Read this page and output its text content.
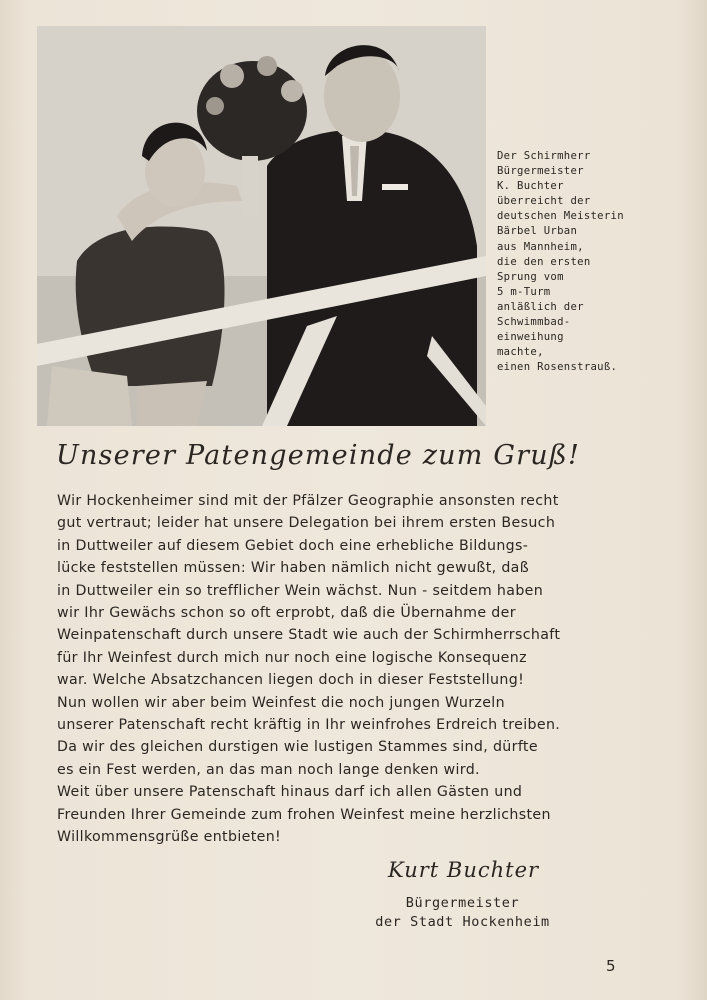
Der Schirmherr
Bürgermeister
K. Buchter
überreicht der
deutschen Meisterin
Bärbel Urban
aus Mannheim,
die den ersten
Sprung vom
5 m-Turm
anläßlich der
Schwimmbad-
einweihung
machte,
einen Rosenstrauß.
Unserer Patengemeinde zum Gruß!
Wir Hockenheimer sind mit der Pfälzer Geographie ansonsten recht
gut vertraut; leider hat unsere Delegation bei ihrem ersten Besuch
in Duttweiler auf diesem Gebiet doch eine erhebliche Bildungs-
lücke feststellen müssen: Wir haben nämlich nicht gewußt, daß
in Duttweiler ein so trefflicher Wein wächst. Nun - seitdem haben
wir Ihr Gewächs schon so oft erprobt, daß die Übernahme der
Weinpatenschaft durch unsere Stadt wie auch der Schirmherrschaft
für Ihr Weinfest durch mich nur noch eine logische Konsequenz
war. Welche Absatzchancen liegen doch in dieser Feststellung!
Nun wollen wir aber beim Weinfest die noch jungen Wurzeln
unserer Patenschaft recht kräftig in Ihr weinfrohes Erdreich treiben.
Da wir des gleichen durstigen wie lustigen Stammes sind, dürfte
es ein Fest werden, an das man noch lange denken wird.
Weit über unsere Patenschaft hinaus darf ich allen Gästen und
Freunden Ihrer Gemeinde zum frohen Weinfest meine herzlichsten
Willkommensgrüße entbieten!
Kurt Buchter
Bürgermeister
der Stadt Hockenheim
5
